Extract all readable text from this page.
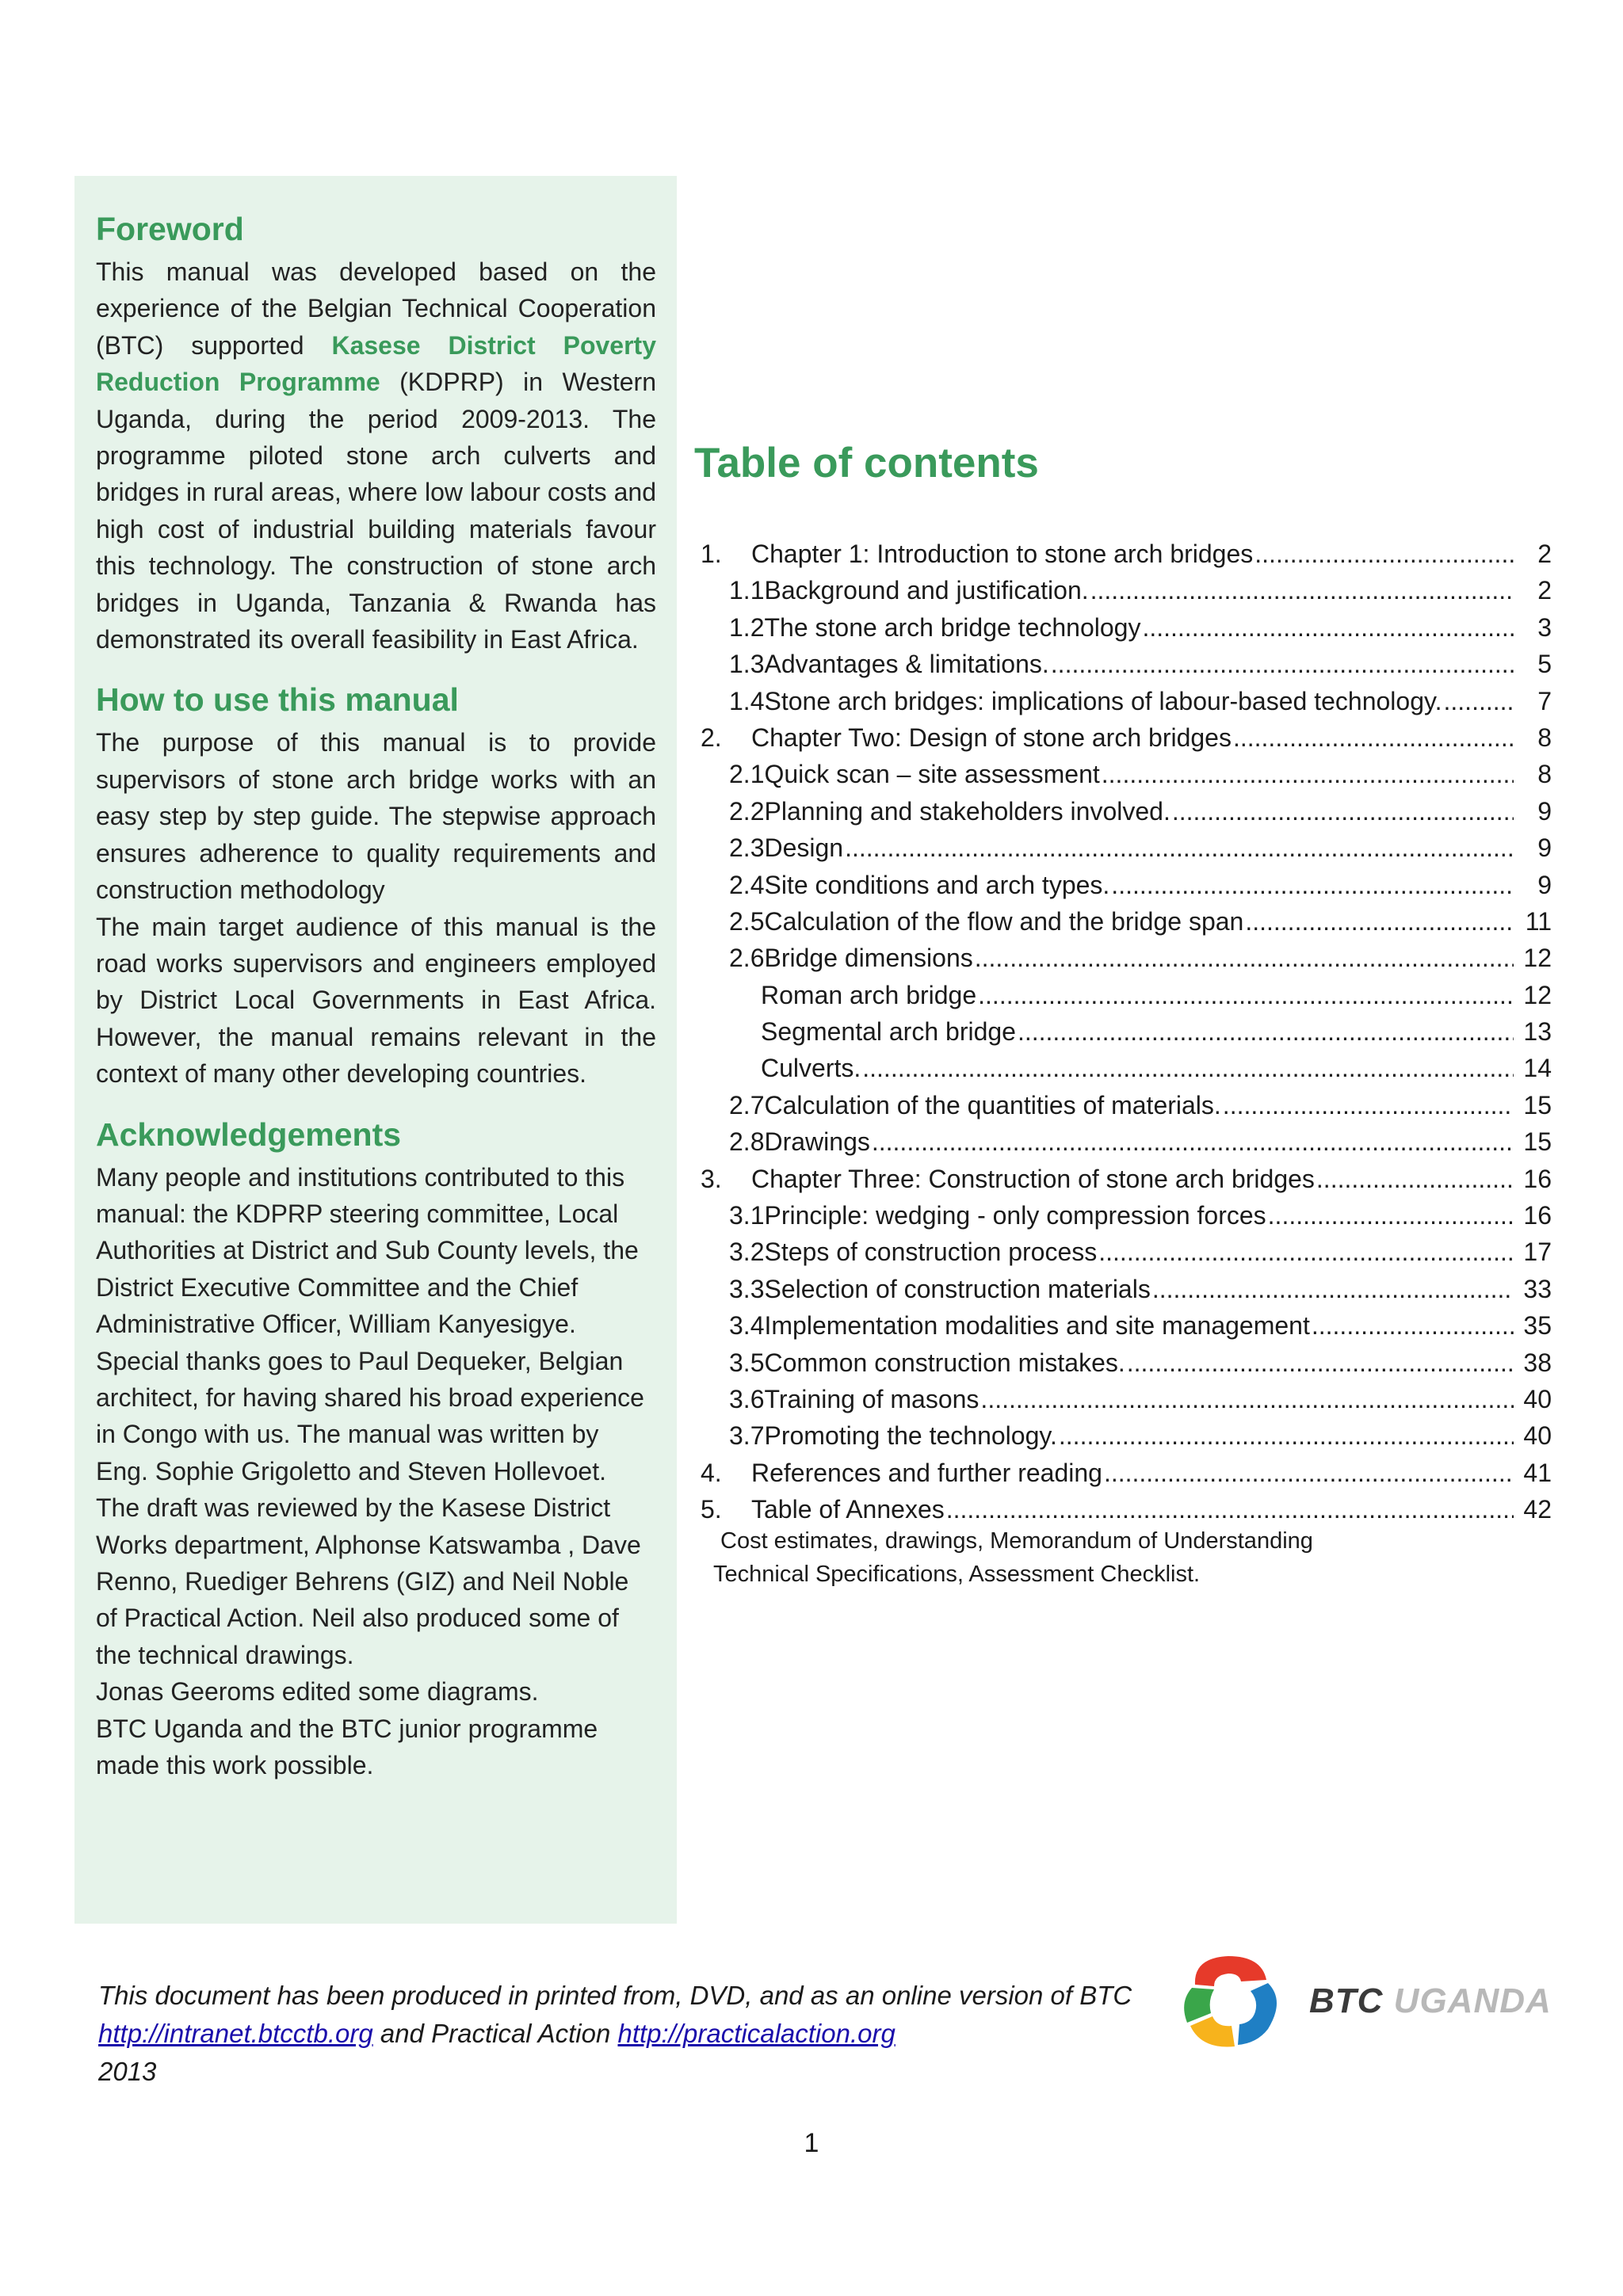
Foreword

This manual was developed based on the experience of the Belgian Technical Cooperation (BTC) supported Kasese District Poverty Reduction Programme (KDPRP) in Western Uganda, during the period 2009-2013. The programme piloted stone arch culverts and bridges in rural areas, where low labour costs and high cost of industrial building materials favour this technology. The construction of stone arch bridges in Uganda, Tanzania & Rwanda has demonstrated its overall feasibility in East Africa.

How to use this manual

The purpose of this manual is to provide supervisors of stone arch bridge works with an easy step by step guide. The stepwise approach ensures adherence to quality requirements and construction methodology

The main target audience of this manual is the road works supervisors and engineers employed by District Local Governments in East Africa. However, the manual remains relevant in the context of many other developing countries.

Acknowledgements

Many people and institutions contributed to this manual: the KDPRP steering committee, Local Authorities at District and Sub County levels, the District Executive Committee and the Chief Administrative Officer, William Kanyesigye. Special thanks goes to Paul Dequeker, Belgian architect, for having shared his broad experience in Congo with us. The manual was written by Eng. Sophie Grigoletto and Steven Hollevoet. The draft was reviewed by the Kasese District Works department, Alphonse Katswamba , Dave Renno, Ruediger Behrens (GIZ) and Neil Noble of Practical Action. Neil also produced some of the technical drawings.

Jonas Geeroms edited some diagrams.

BTC Uganda and the BTC junior programme made this work possible.

Table of contents
1.	Chapter 1: Introduction to stone arch bridges .....	2
1.1 Background and justification. .....	2
1.2 The stone arch bridge technology .....	3
1.3 Advantages & limitations. .....	5
1.4 Stone arch bridges: implications of labour-based technology. .....	7
2.	Chapter Two: Design of stone arch bridges .....	8
2.1 Quick scan – site assessment .....	8
2.2 Planning and stakeholders involved. .....	9
2.3 Design .....	9
2.4 Site conditions and arch types. .....	9
2.5 Calculation of the flow and the bridge span .....	11
2.6 Bridge dimensions .....	12
Roman arch bridge .....	12
Segmental arch bridge .....	13
Culverts. .....	14
2.7 Calculation of the quantities of materials. .....	15
2.8 Drawings .....	15
3.	Chapter Three: Construction of stone arch bridges .....	16
3.1 Principle: wedging - only compression forces .....	16
3.2 Steps of construction process .....	17
3.3 Selection of construction materials .....	33
3.4 Implementation modalities and site management .....	35
3.5 Common construction mistakes. .....	38
3.6 Training of masons .....	40
3.7 Promoting the technology. .....	40
4.	References and further reading .....	41
5.	Table of Annexes .....	42

Cost estimates, drawings, Memorandum of Understanding
Technical Specifications, Assessment Checklist.

This document has been produced in printed from, DVD, and as an online version of BTC http://intranet.btcctb.org and Practical Action http://practicalaction.org
2013

BTC UGANDA
1
